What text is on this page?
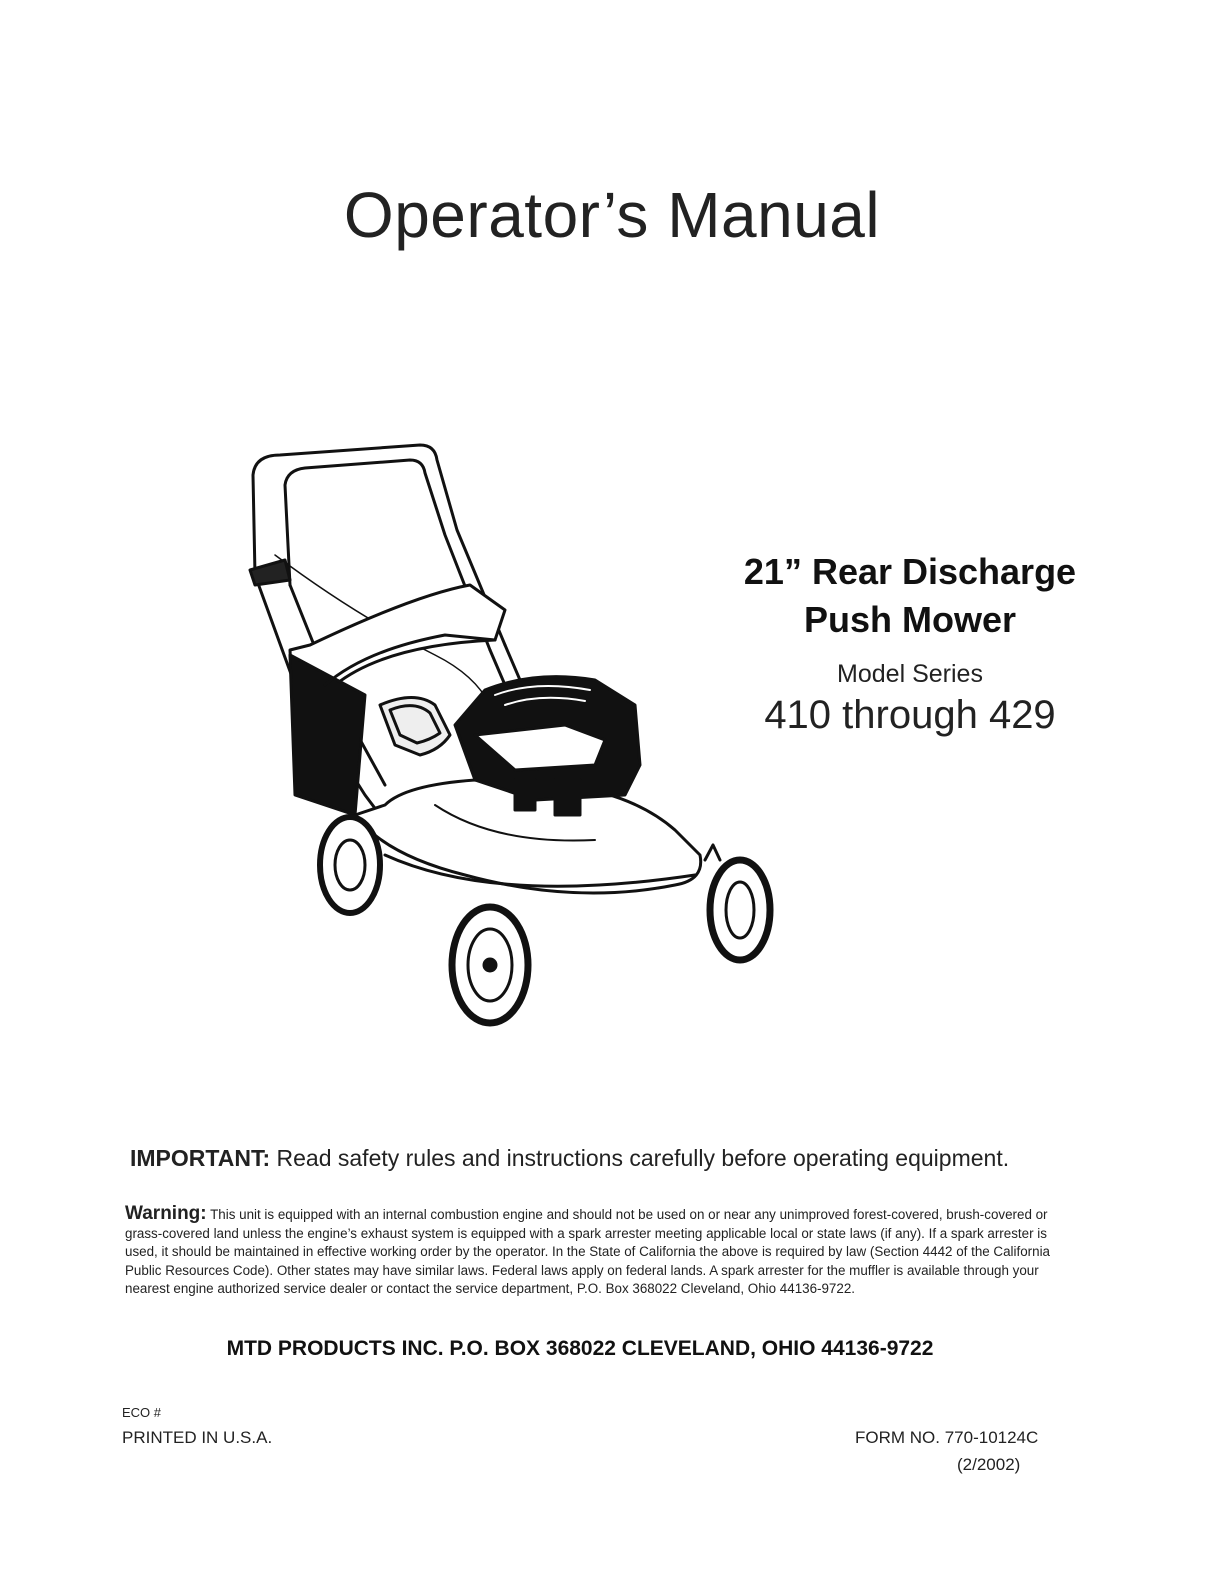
Operator’s Manual
21” Rear Discharge
Push Mower
Model Series
410 through 429
IMPORTANT: Read safety rules and instructions carefully before operating equipment.
Warning: This unit is equipped with an internal combustion engine and should not be used on or near any unimproved forest-covered, brush-covered or grass-covered land unless the engine’s exhaust system is equipped with a spark arrester meeting applicable local or state laws (if any). If a spark arrester is used, it should be maintained in effective working order by the operator. In the State of California the above is required by law (Section 4442 of the California Public Resources Code). Other states may have similar laws. Federal laws apply on federal lands. A spark arrester for the muffler is available through your nearest engine authorized service dealer or contact the service department, P.O. Box 368022 Cleveland, Ohio 44136-9722.
MTD PRODUCTS INC. P.O. BOX 368022 CLEVELAND, OHIO 44136-9722
ECO #
PRINTED IN U.S.A.	FORM NO. 770-10124C
(2/2002)
